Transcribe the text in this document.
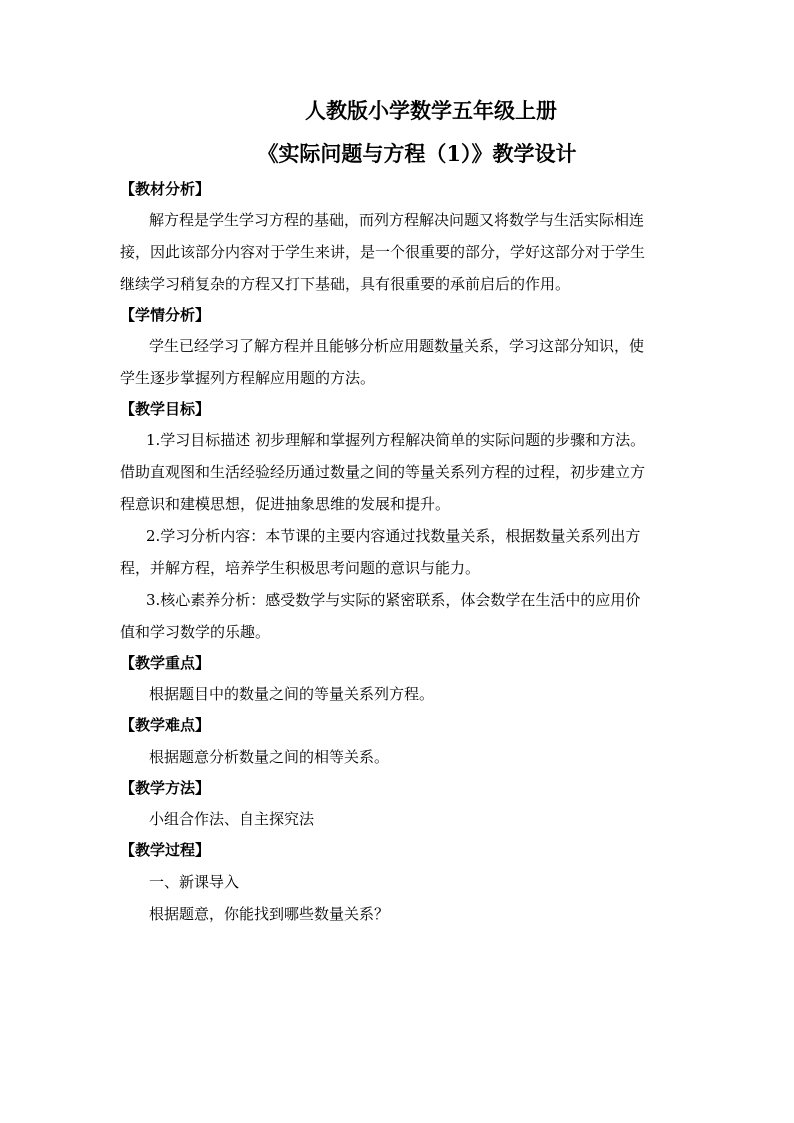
人教版小学数学五年级上册
《实际问题与方程（1）》教学设计
【教材分析】
解方程是学生学习方程的基础，而列方程解决问题又将数学与生活实际相连
接，因此该部分内容对于学生来讲，是一个很重要的部分，学好这部分对于学生
继续学习稍复杂的方程又打下基础，具有很重要的承前启后的作用。
【学情分析】
学生已经学习了解方程并且能够分析应用题数量关系，学习这部分知识，使
学生逐步掌握列方程解应用题的方法。
【教学目标】
1.学习目标描述 初步理解和掌握列方程解决简单的实际问题的步骤和方法。
借助直观图和生活经验经历通过数量之间的等量关系列方程的过程，初步建立方
程意识和建模思想，促进抽象思维的发展和提升。
2.学习分析内容：本节课的主要内容通过找数量关系，根据数量关系列出方
程，并解方程，培养学生积极思考问题的意识与能力。
3.核心素养分析：感受数学与实际的紧密联系，体会数学在生活中的应用价
值和学习数学的乐趣。
【教学重点】
根据题目中的数量之间的等量关系列方程。
【教学难点】
根据题意分析数量之间的相等关系。
【教学方法】
小组合作法、自主探究法
【教学过程】
一、新课导入
根据题意，你能找到哪些数量关系？
